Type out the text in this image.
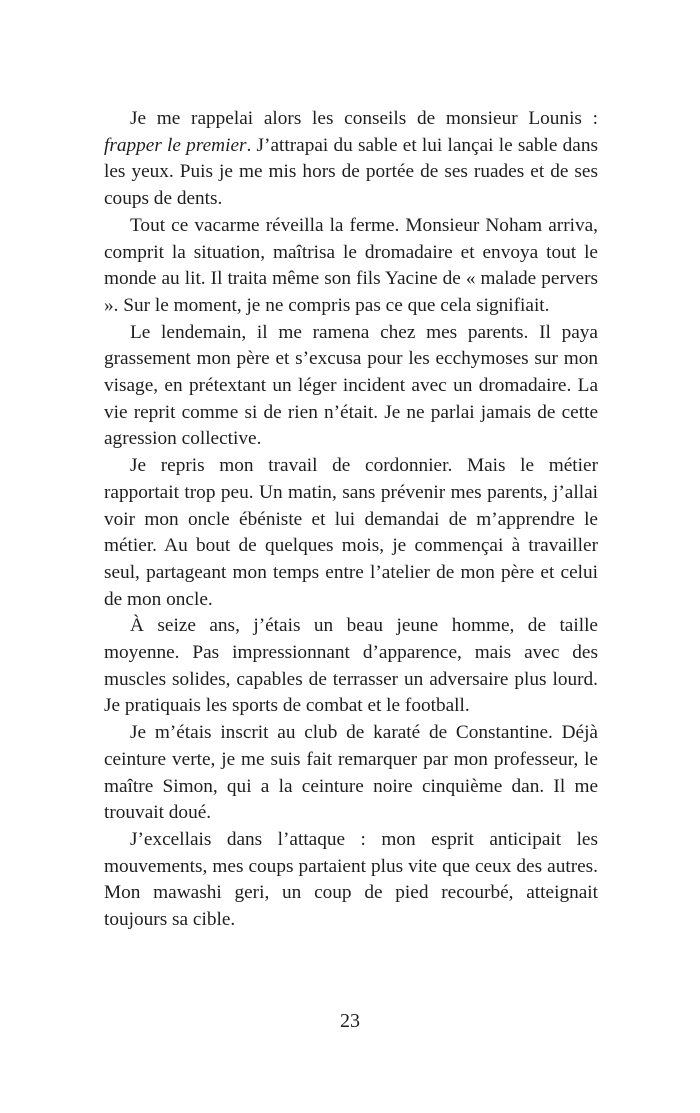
Je me rappelai alors les conseils de monsieur Lounis : frapper le premier. J’attrapai du sable et lui lançai le sable dans les yeux. Puis je me mis hors de portée de ses ruades et de ses coups de dents.

Tout ce vacarme réveilla la ferme. Monsieur Noham arriva, comprit la situation, maîtrisa le dromadaire et envoya tout le monde au lit. Il traita même son fils Yacine de « malade pervers ». Sur le moment, je ne compris pas ce que cela signifiait.

Le lendemain, il me ramena chez mes parents. Il paya grassement mon père et s’excusa pour les ecchymoses sur mon visage, en prétextant un léger incident avec un dromadaire. La vie reprit comme si de rien n’était. Je ne parlai jamais de cette agression collective.

Je repris mon travail de cordonnier. Mais le métier rapportait trop peu. Un matin, sans prévenir mes parents, j’allai voir mon oncle ébéniste et lui demandai de m’apprendre le métier. Au bout de quelques mois, je commençai à travailler seul, partageant mon temps entre l’atelier de mon père et celui de mon oncle.

À seize ans, j’étais un beau jeune homme, de taille moyenne. Pas impressionnant d’apparence, mais avec des muscles solides, capables de terrasser un adversaire plus lourd. Je pratiquais les sports de combat et le football.

Je m’étais inscrit au club de karaté de Constantine. Déjà ceinture verte, je me suis fait remarquer par mon professeur, le maître Simon, qui a la ceinture noire cinquième dan. Il me trouvait doué.

J’excellais dans l’attaque : mon esprit anticipait les mouvements, mes coups partaient plus vite que ceux des autres. Mon mawashi geri, un coup de pied recourbé, atteignait toujours sa cible.

23
